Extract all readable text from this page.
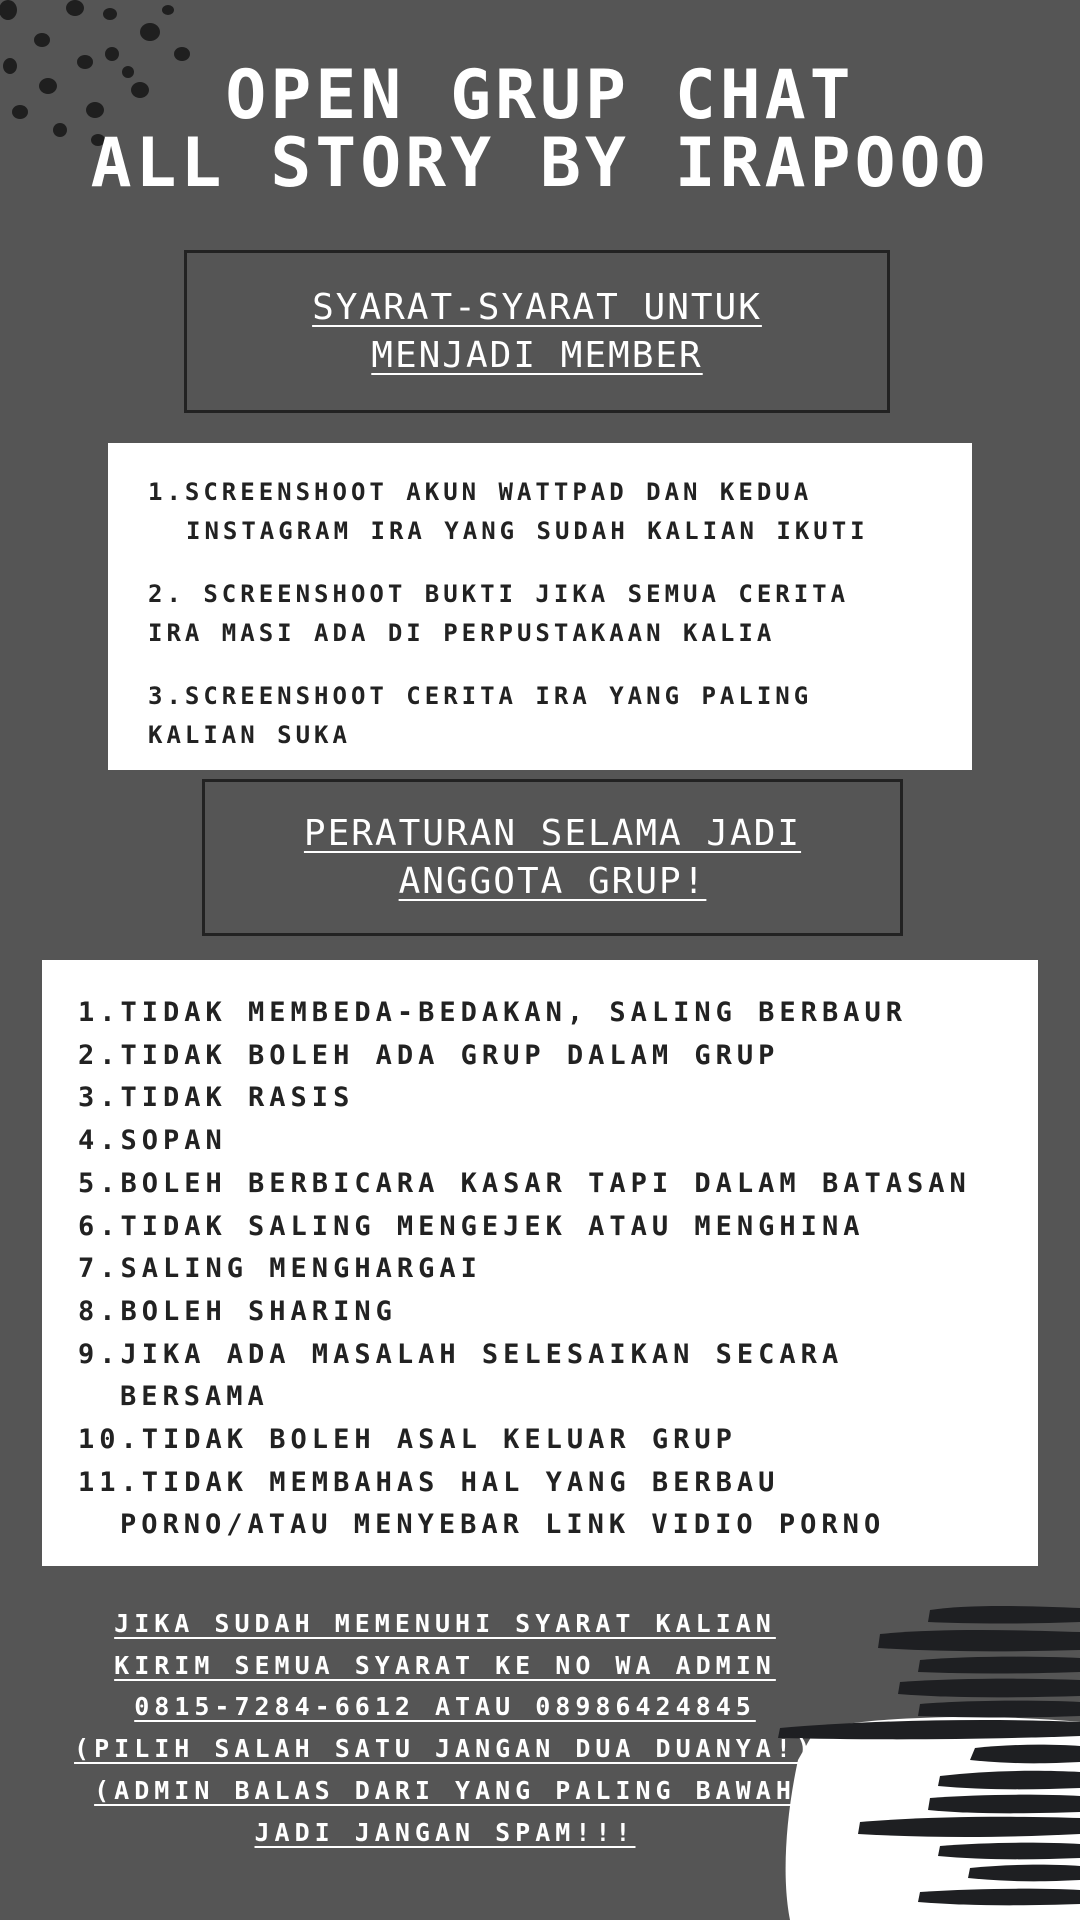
OPEN GRUP CHAT
ALL STORY BY IRAPOOO
SYARAT-SYARAT UNTUK
MENJADI MEMBER
1.SCREENSHOOT AKUN WATTPAD DAN KEDUA
INSTAGRAM IRA YANG SUDAH KALIAN IKUTI
2. SCREENSHOOT BUKTI JIKA SEMUA CERITA
IRA MASI ADA DI PERPUSTAKAAN KALIA
3.SCREENSHOOT CERITA IRA YANG PALING
KALIAN SUKA
PERATURAN SELAMA JADI
ANGGOTA GRUP!
1.TIDAK MEMBEDA-BEDAKAN, SALING BERBAUR
2.TIDAK BOLEH ADA GRUP DALAM GRUP
3.TIDAK RASIS
4.SOPAN
5.BOLEH BERBICARA KASAR TAPI DALAM BATASAN
6.TIDAK SALING MENGEJEK ATAU MENGHINA
7.SALING MENGHARGAI
8.BOLEH SHARING
9.JIKA ADA MASALAH SELESAIKAN SECARA
BERSAMA
10.TIDAK BOLEH ASAL KELUAR GRUP
11.TIDAK MEMBAHAS HAL YANG BERBAU
PORNO/ATAU MENYEBAR LINK VIDIO PORNO
JIKA SUDAH MEMENUHI SYARAT KALIAN
KIRIM SEMUA SYARAT KE NO WA ADMIN
0815-7284-6612 ATAU 08986424845
(PILIH SALAH SATU JANGAN DUA DUANYA!)
(ADMIN BALAS DARI YANG PALING BAWAH
JADI JANGAN SPAM!!!
